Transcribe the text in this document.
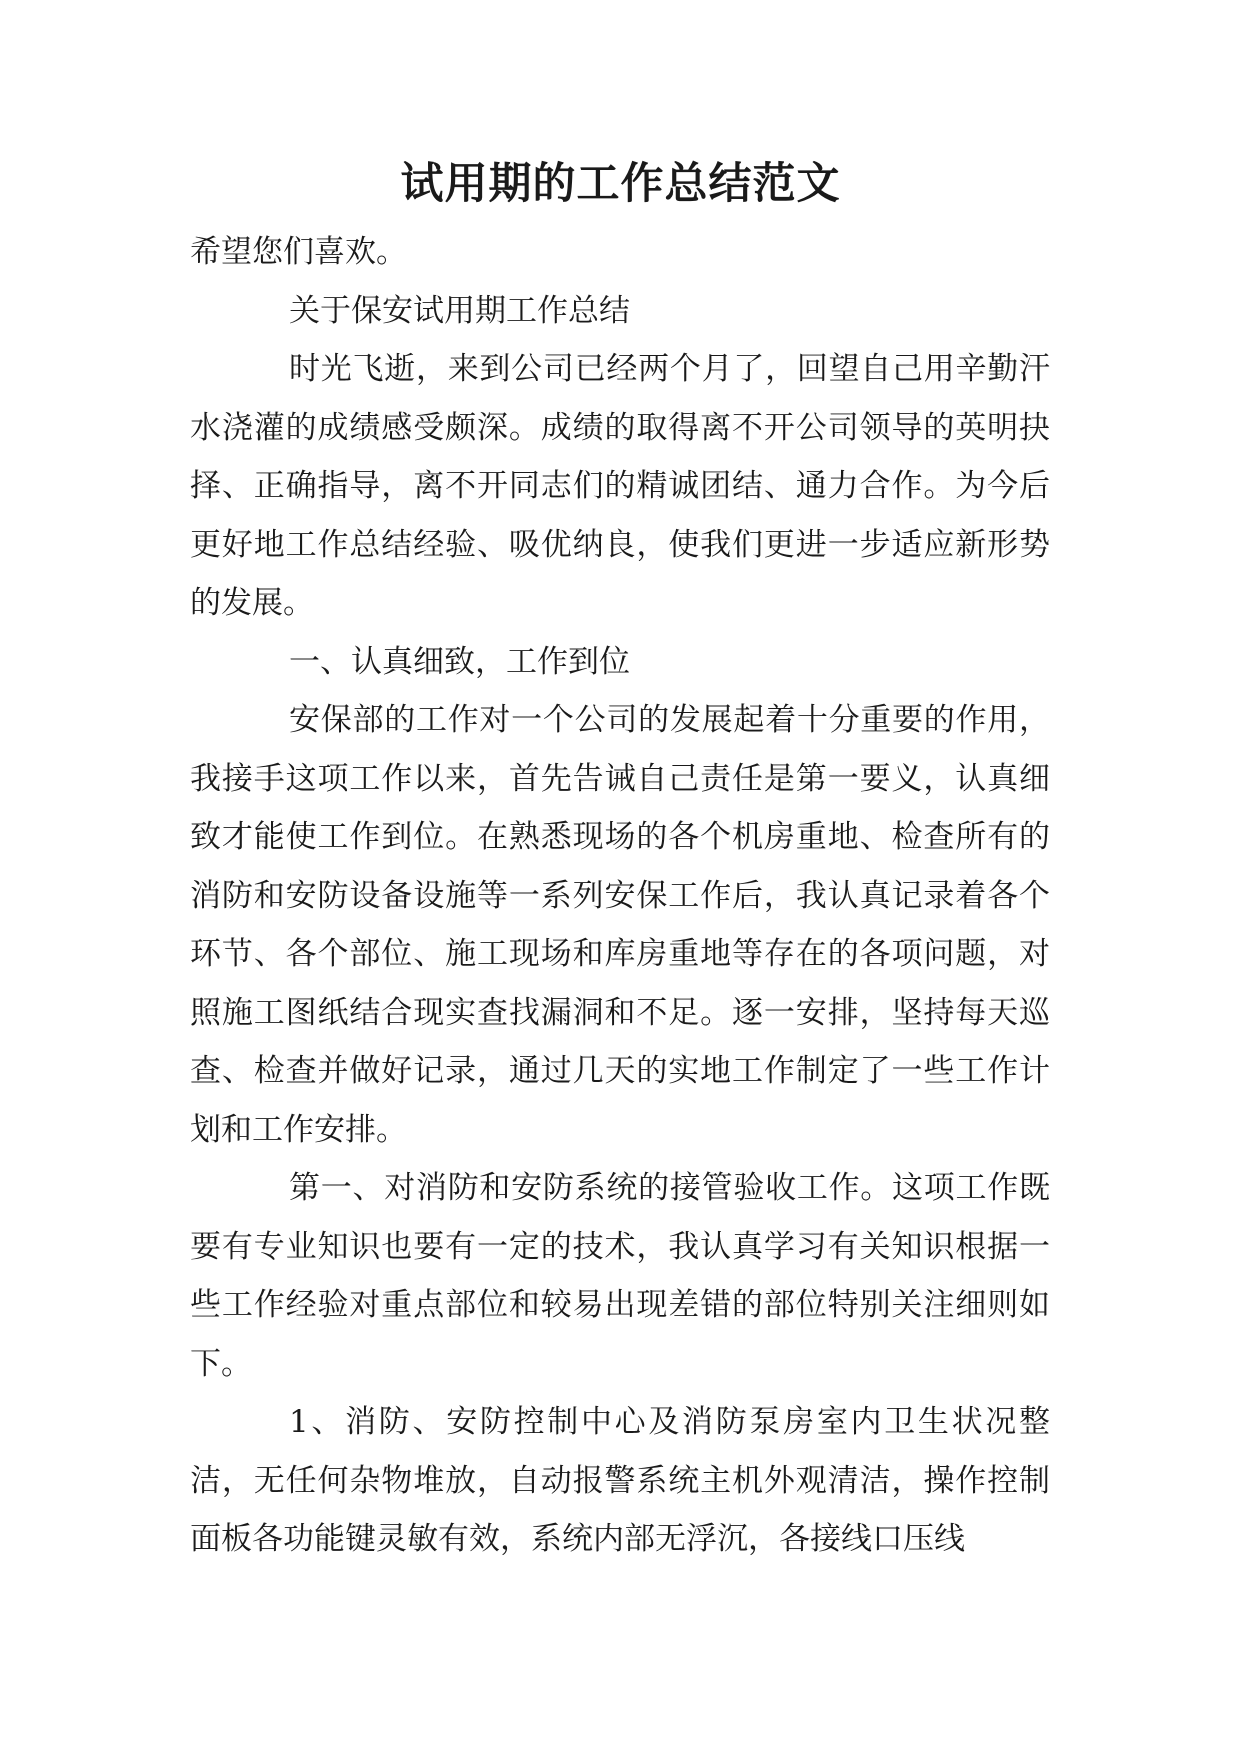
试用期的工作总结范文

希望您们喜欢。

关于保安试用期工作总结

时光飞逝，来到公司已经两个月了，回望自己用辛勤汗水浇灌的成绩感受颇深。成绩的取得离不开公司领导的英明抉择、正确指导，离不开同志们的精诚团结、通力合作。为今后更好地工作总结经验、吸优纳良，使我们更进一步适应新形势的发展。

一、认真细致，工作到位

安保部的工作对一个公司的发展起着十分重要的作用，我接手这项工作以来，首先告诫自己责任是第一要义，认真细致才能使工作到位。在熟悉现场的各个机房重地、检查所有的消防和安防设备设施等一系列安保工作后，我认真记录着各个环节、各个部位、施工现场和库房重地等存在的各项问题，对照施工图纸结合现实查找漏洞和不足。逐一安排，坚持每天巡查、检查并做好记录，通过几天的实地工作制定了一些工作计划和工作安排。

第一、对消防和安防系统的接管验收工作。这项工作既要有专业知识也要有一定的技术，我认真学习有关知识根据一些工作经验对重点部位和较易出现差错的部位特别关注细则如下。

1、消防、安防控制中心及消防泵房室内卫生状况整洁，无任何杂物堆放，自动报警系统主机外观清洁，操作控制面板各功能键灵敏有效，系统内部无浮沉，各接线口压线
